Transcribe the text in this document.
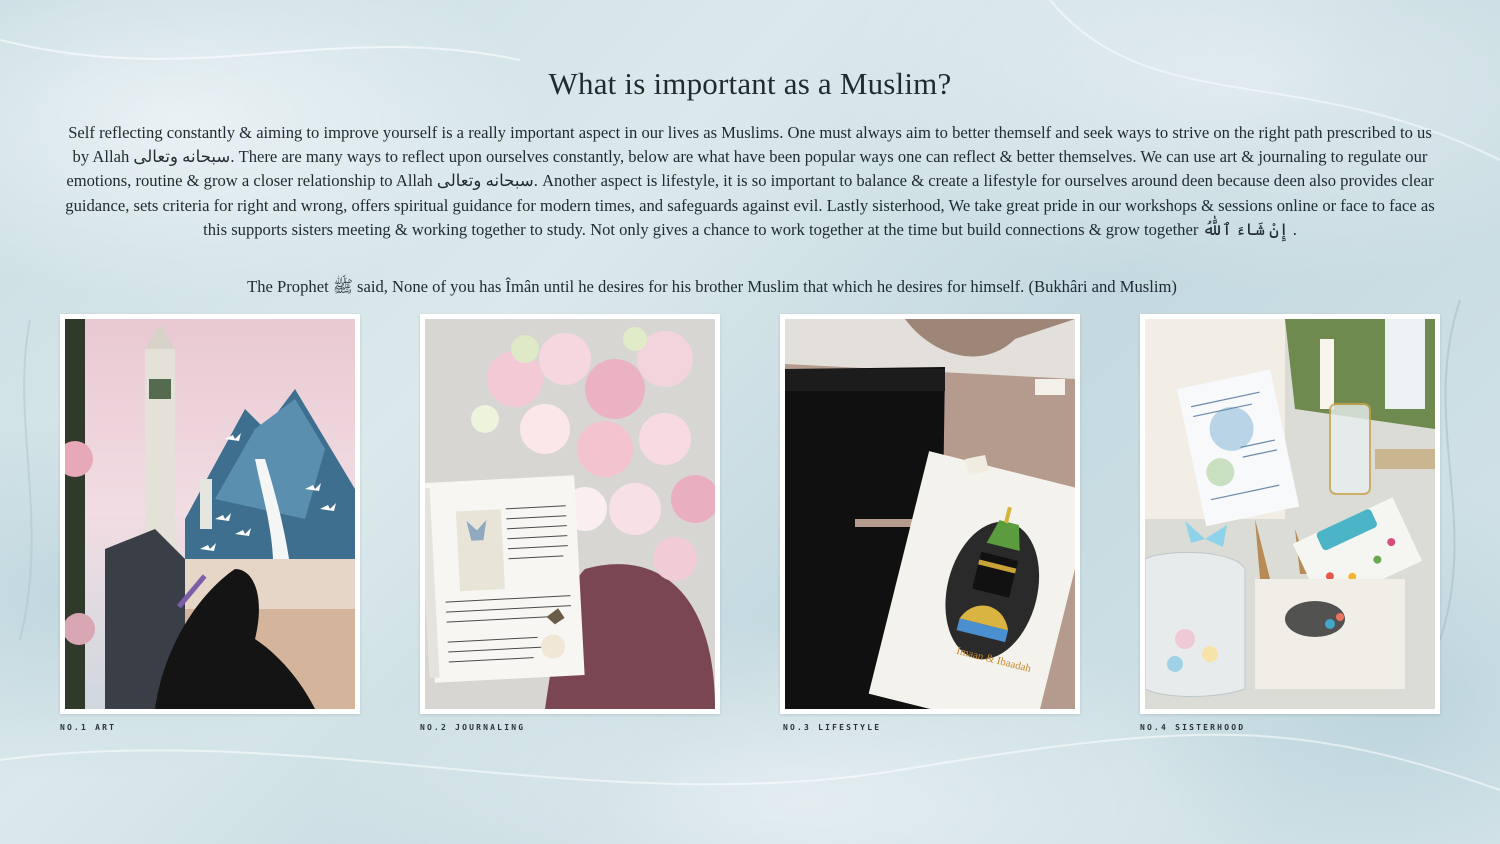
What is important as a Muslim?

Self reflecting constantly & aiming to improve yourself is a really important aspect in our lives as Muslims. One must always aim to better themself and seek ways to strive on the right path prescribed to us by Allah سبحانه وتعالى. There are many ways to reflect upon ourselves constantly, below are what have been popular ways one can reflect & better themselves. We can use art & journaling to regulate our emotions, routine & grow a closer relationship to Allah سبحانه وتعالى. Another aspect is lifestyle, it is so important to balance & create a lifestyle for ourselves around deen because deen also provides clear guidance, sets criteria for right and wrong, offers spiritual guidance for modern times, and safeguards against evil. Lastly sisterhood, We take great pride in our workshops & sessions online or face to face as this supports sisters meeting & working together to study. Not only gives a chance to work together at the time but build connections & grow together إِنْ شَاءَ ٱللَّٰهُ .

The Prophet ﷺ said, None of you has Îmân until he desires for his brother Muslim that which he desires for himself. (Bukhâri and Muslim)

NO.1 ART	NO.2 JOURNALING
Imaan & Ibaadah
NO.3 LIFESTYLE	NO.4 SISTERHOOD
